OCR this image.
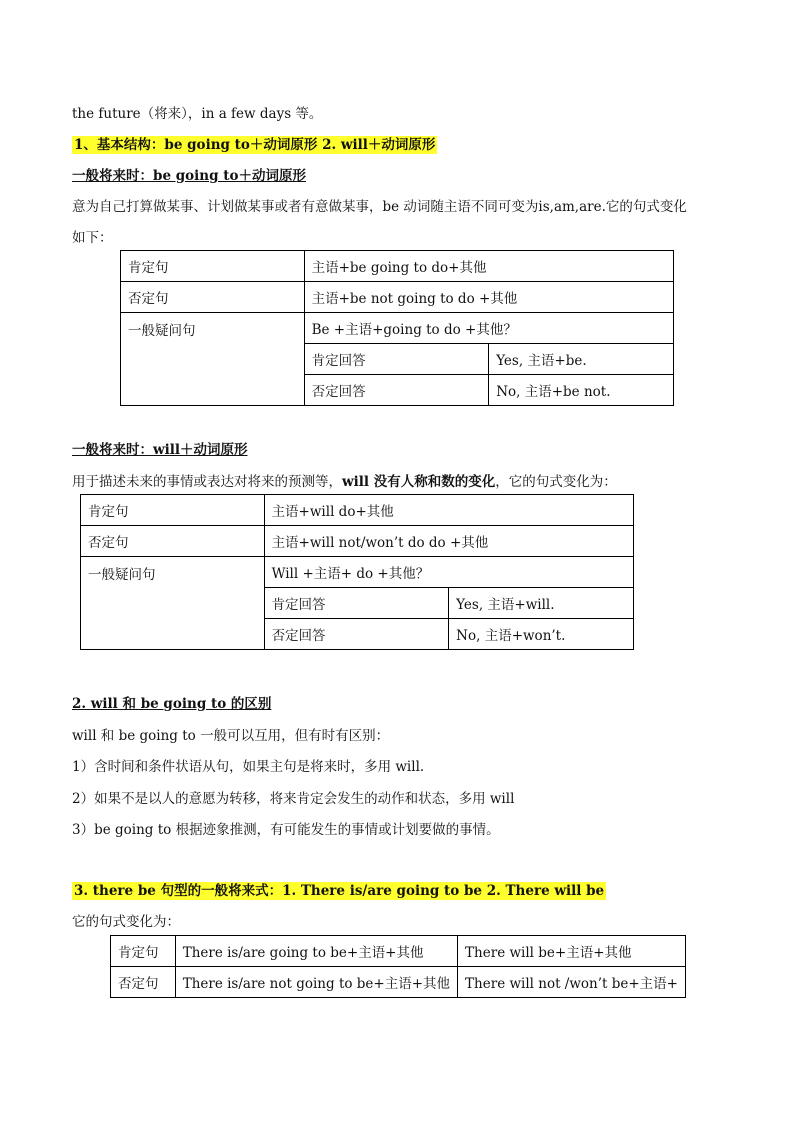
the future（将来），in a few days 等。
1、基本结构：be going to＋动词原形 2. will＋动词原形
一般将来时：be going to＋动词原形
意为自己打算做某事、计划做某事或者有意做某事，be 动词随主语不同可变为is,am,are.它的句式变化
如下：
肯定句	主语+be going to do+其他	
否定句	主语+be not going to do +其他	
一般疑问句	Be +主语+going to do +其他？	
	肯定回答	Yes, 主语+be.
	否定回答	No, 主语+be not.
一般将来时：will＋动词原形
用于描述未来的事情或表达对将来的预测等，will 没有人称和数的变化，它的句式变化为：
肯定句	主语+will do+其他	
否定句	主语+will not/won’t do do +其他	
一般疑问句	Will +主语+ do +其他？	
	肯定回答	Yes, 主语+will.
	否定回答	No, 主语+won’t.
2. will 和 be going to 的区别
will 和 be going to 一般可以互用，但有时有区别：
1）含时间和条件状语从句，如果主句是将来时，多用 will.
2）如果不是以人的意愿为转移，将来肯定会发生的动作和状态，多用 will
3）be going to 根据迹象推测，有可能发生的事情或计划要做的事情。
3. there be 句型的一般将来式：1. There is/are going to be 2. There will be
它的句式变化为：
肯定句	There is/are going to be+主语+其他	There will be+主语+其他
否定句	There is/are not going to be+主语+其他	There will not /won’t be+主语+
